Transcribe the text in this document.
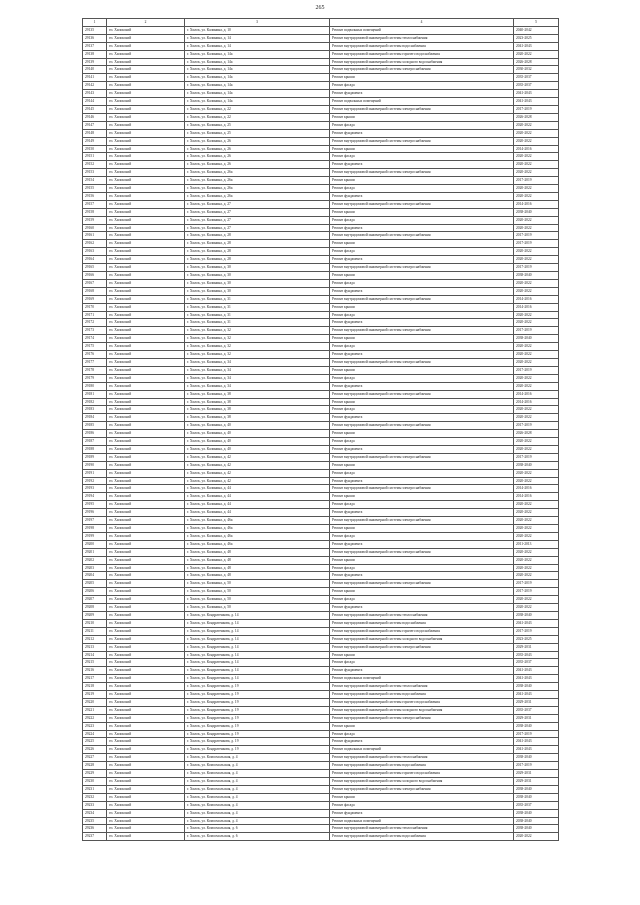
265
1	2	3	4	5
29135	гп. Хилокский	г. Хилок, ул. Калинина, д. 10	Ремонт подвальных помещений	2040-2042
29136	гп. Хилокский	г. Хилок, ул. Калинина, д. 14	Ремонт внутридомовой инженерной системы теплоснабжения	2023-2025
29137	гп. Хилокский	г. Хилок, ул. Калинина, д. 14	Ремонт внутридомовой инженерной системы водоснабжения	2041-2043
29138	гп. Хилокский	г. Хилок, ул. Калинина, д. 14а	Ремонт внутридомовой инженерной системы горячего водоснабжения	2020-2022
29139	гп. Хилокский	г. Хилок, ул. Калинина, д. 14а	Ремонт внутридомовой инженерной системы холодного водоснабжения	2026-2028
29140	гп. Хилокский	г. Хилок, ул. Калинина, д. 14а	Ремонт внутридомовой инженерной системы электроснабжения	2030-2032
29141	гп. Хилокский	г. Хилок, ул. Калинина, д. 14а	Ремонт крыши	2035-2037
29142	гп. Хилокский	г. Хилок, ул. Калинина, д. 14а	Ремонт фасада	2035-2037
29143	гп. Хилокский	г. Хилок, ул. Калинина, д. 14а	Ремонт фундамента	2041-2043
29144	гп. Хилокский	г. Хилок, ул. Калинина, д. 14а	Ремонт подвальных помещений	2041-2043
29145	гп. Хилокский	г. Хилок, ул. Калинина, д. 22	Ремонт внутридомовой инженерной системы электроснабжения	2017-2019
29146	гп. Хилокский	г. Хилок, ул. Калинина, д. 22	Ремонт крыши	2026-2028
29147	гп. Хилокский	г. Хилок, ул. Калинина, д. 25	Ремонт фасада	2020-2022
29148	гп. Хилокский	г. Хилок, ул. Калинина, д. 25	Ремонт фундамента	2020-2022
29149	гп. Хилокский	г. Хилок, ул. Калинина, д. 26	Ремонт внутридомовой инженерной системы электроснабжения	2020-2022
29150	гп. Хилокский	г. Хилок, ул. Калинина, д. 26	Ремонт крыши	2014-2016
29151	гп. Хилокский	г. Хилок, ул. Калинина, д. 26	Ремонт фасада	2020-2022
29152	гп. Хилокский	г. Хилок, ул. Калинина, д. 26	Ремонт фундамента	2020-2022
29153	гп. Хилокский	г. Хилок, ул. Калинина, д. 26а	Ремонт внутридомовой инженерной системы электроснабжения	2020-2022
29154	гп. Хилокский	г. Хилок, ул. Калинина, д. 26а	Ремонт крыши	2017-2019
29155	гп. Хилокский	г. Хилок, ул. Калинина, д. 26а	Ремонт фасада	2020-2022
29156	гп. Хилокский	г. Хилок, ул. Калинина, д. 26а	Ремонт фундамента	2020-2022
29157	гп. Хилокский	г. Хилок, ул. Калинина, д. 27	Ремонт внутридомовой инженерной системы электроснабжения	2014-2016
29158	гп. Хилокский	г. Хилок, ул. Калинина, д. 27	Ремонт крыши	2038-2040
29159	гп. Хилокский	г. Хилок, ул. Калинина, д. 27	Ремонт фасада	2020-2022
29160	гп. Хилокский	г. Хилок, ул. Калинина, д. 27	Ремонт фундамента	2020-2022
29161	гп. Хилокский	г. Хилок, ул. Калинина, д. 28	Ремонт внутридомовой инженерной системы электроснабжения	2017-2019
29162	гп. Хилокский	г. Хилок, ул. Калинина, д. 28	Ремонт крыши	2017-2019
29163	гп. Хилокский	г. Хилок, ул. Калинина, д. 28	Ремонт фасада	2020-2022
29164	гп. Хилокский	г. Хилок, ул. Калинина, д. 28	Ремонт фундамента	2020-2022
29165	гп. Хилокский	г. Хилок, ул. Калинина, д. 30	Ремонт внутридомовой инженерной системы электроснабжения	2017-2019
29166	гп. Хилокский	г. Хилок, ул. Калинина, д. 30	Ремонт крыши	2038-2040
29167	гп. Хилокский	г. Хилок, ул. Калинина, д. 30	Ремонт фасада	2020-2022
29168	гп. Хилокский	г. Хилок, ул. Калинина, д. 30	Ремонт фундамента	2020-2022
29169	гп. Хилокский	г. Хилок, ул. Калинина, д. 31	Ремонт внутридомовой инженерной системы электроснабжения	2014-2016
29170	гп. Хилокский	г. Хилок, ул. Калинина, д. 31	Ремонт крыши	2014-2016
29171	гп. Хилокский	г. Хилок, ул. Калинина, д. 31	Ремонт фасада	2020-2022
29172	гп. Хилокский	г. Хилок, ул. Калинина, д. 31	Ремонт фундамента	2020-2022
29173	гп. Хилокский	г. Хилок, ул. Калинина, д. 32	Ремонт внутридомовой инженерной системы электроснабжения	2017-2019
29174	гп. Хилокский	г. Хилок, ул. Калинина, д. 32	Ремонт крыши	2038-2040
29175	гп. Хилокский	г. Хилок, ул. Калинина, д. 32	Ремонт фасада	2020-2022
29176	гп. Хилокский	г. Хилок, ул. Калинина, д. 32	Ремонт фундамента	2020-2022
29177	гп. Хилокский	г. Хилок, ул. Калинина, д. 34	Ремонт внутридомовой инженерной системы электроснабжения	2020-2022
29178	гп. Хилокский	г. Хилок, ул. Калинина, д. 34	Ремонт крыши	2017-2019
29179	гп. Хилокский	г. Хилок, ул. Калинина, д. 34	Ремонт фасада	2020-2022
29180	гп. Хилокский	г. Хилок, ул. Калинина, д. 34	Ремонт фундамента	2020-2022
29181	гп. Хилокский	г. Хилок, ул. Калинина, д. 38	Ремонт внутридомовой инженерной системы электроснабжения	2014-2016
29182	гп. Хилокский	г. Хилок, ул. Калинина, д. 38	Ремонт крыши	2014-2016
29183	гп. Хилокский	г. Хилок, ул. Калинина, д. 38	Ремонт фасада	2020-2022
29184	гп. Хилокский	г. Хилок, ул. Калинина, д. 38	Ремонт фундамента	2020-2022
29185	гп. Хилокский	г. Хилок, ул. Калинина, д. 40	Ремонт внутридомовой инженерной системы электроснабжения	2017-2019
29186	гп. Хилокский	г. Хилок, ул. Калинина, д. 40	Ремонт крыши	2026-2028
29187	гп. Хилокский	г. Хилок, ул. Калинина, д. 40	Ремонт фасада	2020-2022
29188	гп. Хилокский	г. Хилок, ул. Калинина, д. 40	Ремонт фундамента	2020-2022
29189	гп. Хилокский	г. Хилок, ул. Калинина, д. 42	Ремонт внутридомовой инженерной системы электроснабжения	2017-2019
29190	гп. Хилокский	г. Хилок, ул. Калинина, д. 42	Ремонт крыши	2038-2040
29191	гп. Хилокский	г. Хилок, ул. Калинина, д. 42	Ремонт фасада	2020-2022
29192	гп. Хилокский	г. Хилок, ул. Калинина, д. 42	Ремонт фундамента	2020-2022
29193	гп. Хилокский	г. Хилок, ул. Калинина, д. 44	Ремонт внутридомовой инженерной системы электроснабжения	2014-2016
29194	гп. Хилокский	г. Хилок, ул. Калинина, д. 44	Ремонт крыши	2014-2016
29195	гп. Хилокский	г. Хилок, ул. Калинина, д. 44	Ремонт фасада	2020-2022
29196	гп. Хилокский	г. Хилок, ул. Калинина, д. 44	Ремонт фундамента	2020-2022
29197	гп. Хилокский	г. Хилок, ул. Калинина, д. 46а	Ремонт внутридомовой инженерной системы электроснабжения	2020-2022
29198	гп. Хилокский	г. Хилок, ул. Калинина, д. 46а	Ремонт крыши	2020-2022
29199	гп. Хилокский	г. Хилок, ул. Калинина, д. 46а	Ремонт фасада	2020-2022
29200	гп. Хилокский	г. Хилок, ул. Калинина, д. 46а	Ремонт фундамента	2011-2013
29201	гп. Хилокский	г. Хилок, ул. Калинина, д. 48	Ремонт внутридомовой инженерной системы электроснабжения	2020-2022
29202	гп. Хилокский	г. Хилок, ул. Калинина, д. 48	Ремонт крыши	2020-2022
29203	гп. Хилокский	г. Хилок, ул. Калинина, д. 48	Ремонт фасада	2020-2022
29204	гп. Хилокский	г. Хилок, ул. Калинина, д. 48	Ремонт фундамента	2020-2022
29205	гп. Хилокский	г. Хилок, ул. Калинина, д. 50	Ремонт внутридомовой инженерной системы электроснабжения	2017-2019
29206	гп. Хилокский	г. Хилок, ул. Калинина, д. 50	Ремонт крыши	2017-2019
29207	гп. Хилокский	г. Хилок, ул. Калинина, д. 50	Ремонт фасада	2020-2022
29208	гп. Хилокский	г. Хилок, ул. Калинина, д. 50	Ремонт фундамента	2020-2022
29209	гп. Хилокский	г. Хилок, ул. Кондратенкова, д. 14	Ремонт внутридомовой инженерной системы теплоснабжения	2038-2040
29210	гп. Хилокский	г. Хилок, ул. Кондратенкова, д. 14	Ремонт внутридомовой инженерной системы водоснабжения	2041-2043
29211	гп. Хилокский	г. Хилок, ул. Кондратенкова, д. 14	Ремонт внутридомовой инженерной системы горячего водоснабжения	2017-2019
29212	гп. Хилокский	г. Хилок, ул. Кондратенкова, д. 14	Ремонт внутридомовой инженерной системы холодного водоснабжения	2023-2025
29213	гп. Хилокский	г. Хилок, ул. Кондратенкова, д. 14	Ремонт внутридомовой инженерной системы электроснабжения	2029-2031
29214	гп. Хилокский	г. Хилок, ул. Кондратенкова, д. 14	Ремонт крыши	2035-2043
29215	гп. Хилокский	г. Хилок, ул. Кондратенкова, д. 14	Ремонт фасада	2035-2037
29216	гп. Хилокский	г. Хилок, ул. Кондратенкова, д. 14	Ремонт фундамента	2041-2043
29217	гп. Хилокский	г. Хилок, ул. Кондратенкова, д. 14	Ремонт подвальных помещений	2041-2043
29218	гп. Хилокский	г. Хилок, ул. Кондратенкова, д. 19	Ремонт внутридомовой инженерной системы теплоснабжения	2038-2040
29219	гп. Хилокский	г. Хилок, ул. Кондратенкова, д. 19	Ремонт внутридомовой инженерной системы водоснабжения	2041-2043
29220	гп. Хилокский	г. Хилок, ул. Кондратенкова, д. 19	Ремонт внутридомовой инженерной системы горячего водоснабжения	2029-2031
29221	гп. Хилокский	г. Хилок, ул. Кондратенкова, д. 19	Ремонт внутридомовой инженерной системы холодного водоснабжения	2035-2037
29222	гп. Хилокский	г. Хилок, ул. Кондратенкова, д. 19	Ремонт внутридомовой инженерной системы электроснабжения	2029-2031
29223	гп. Хилокский	г. Хилок, ул. Кондратенкова, д. 19	Ремонт крыши	2038-2040
29224	гп. Хилокский	г. Хилок, ул. Кондратенкова, д. 19	Ремонт фасада	2017-2019
29225	гп. Хилокский	г. Хилок, ул. Кондратенкова, д. 19	Ремонт фундамента	2041-2043
29226	гп. Хилокский	г. Хилок, ул. Кондратенкова, д. 19	Ремонт подвальных помещений	2041-2043
29227	гп. Хилокский	г. Хилок, ул. Комсомольская, д. 4	Ремонт внутридомовой инженерной системы теплоснабжения	2038-2040
29228	гп. Хилокский	г. Хилок, ул. Комсомольская, д. 4	Ремонт внутридомовой инженерной системы водоснабжения	2017-2019
29229	гп. Хилокский	г. Хилок, ул. Комсомольская, д. 4	Ремонт внутридомовой инженерной системы горячего водоснабжения	2029-2031
29230	гп. Хилокский	г. Хилок, ул. Комсомольская, д. 4	Ремонт внутридомовой инженерной системы холодного водоснабжения	2029-2031
29231	гп. Хилокский	г. Хилок, ул. Комсомольская, д. 4	Ремонт внутридомовой инженерной системы электроснабжения	2038-2040
29232	гп. Хилокский	г. Хилок, ул. Комсомольская, д. 4	Ремонт крыши	2038-2040
29233	гп. Хилокский	г. Хилок, ул. Комсомольская, д. 4	Ремонт фасада	2035-2037
29234	гп. Хилокский	г. Хилок, ул. Комсомольская, д. 4	Ремонт фундамента	2038-2040
29235	гп. Хилокский	г. Хилок, ул. Комсомольская, д. 4	Ремонт подвальных помещений	2038-2040
29236	гп. Хилокский	г. Хилок, ул. Комсомольская, д. 6	Ремонт внутридомовой инженерной системы теплоснабжения	2038-2040
29237	гп. Хилокский	г. Хилок, ул. Комсомольская, д. 6	Ремонт внутридомовой инженерной системы водоснабжения	2020-2022
